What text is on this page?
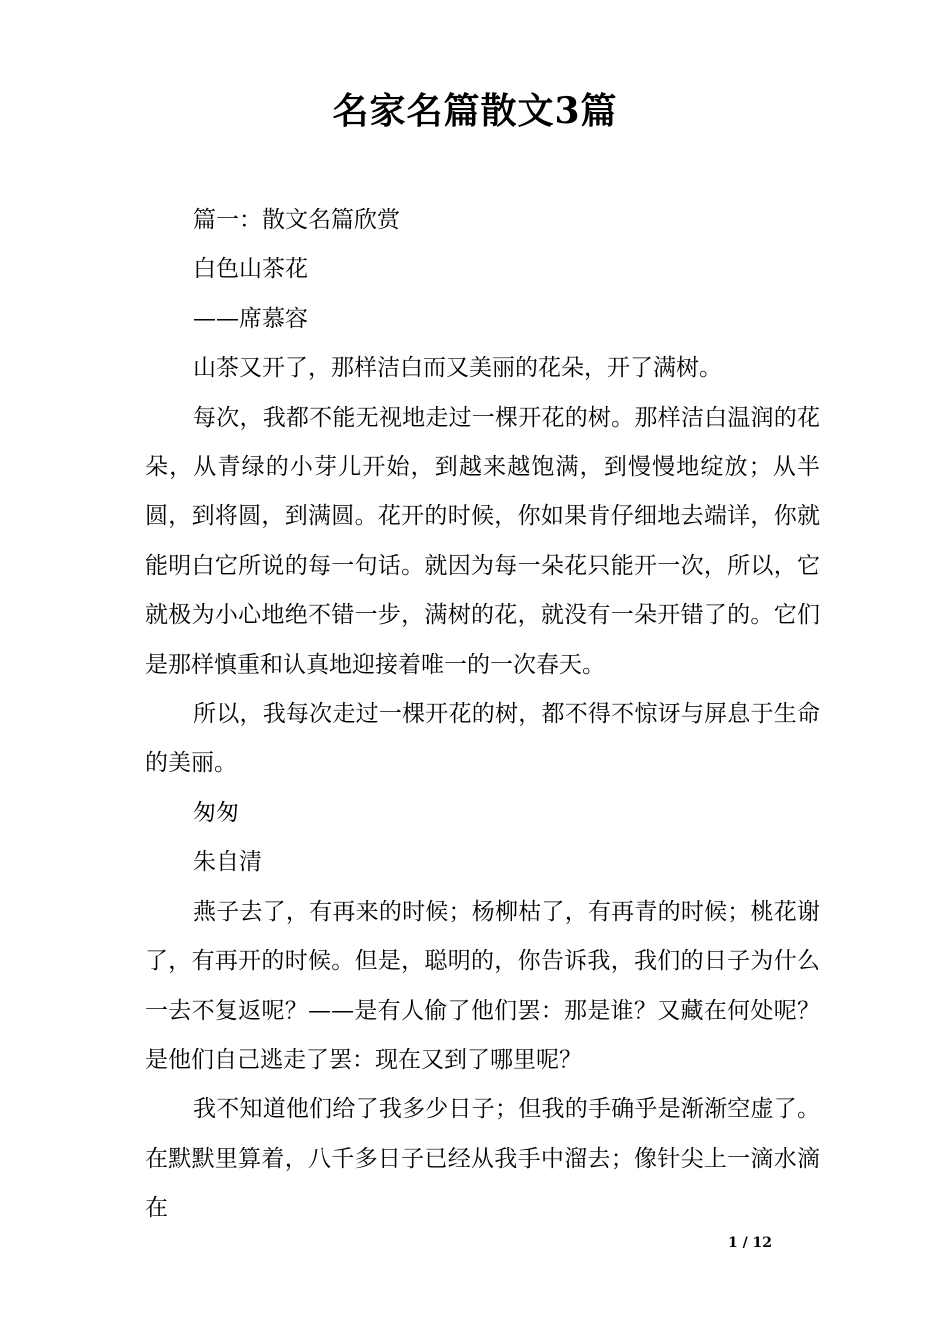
名家名篇散文3篇

篇一：散文名篇欣赏

白色山茶花

——席慕容

山茶又开了，那样洁白而又美丽的花朵，开了满树。

每次，我都不能无视地走过一棵开花的树。那样洁白温润的花朵，从青绿的小芽儿开始，到越来越饱满，到慢慢地绽放；从半圆，到将圆，到满圆。花开的时候，你如果肯仔细地去端详，你就能明白它所说的每一句话。就因为每一朵花只能开一次，所以，它就极为小心地绝不错一步，满树的花，就没有一朵开错了的。它们是那样慎重和认真地迎接着唯一的一次春天。

所以，我每次走过一棵开花的树，都不得不惊讶与屏息于生命的美丽。

匆匆

朱自清

燕子去了，有再来的时候；杨柳枯了，有再青的时候；桃花谢了，有再开的时候。但是，聪明的，你告诉我，我们的日子为什么一去不复返呢？——是有人偷了他们罢：那是谁？又藏在何处呢？是他们自己逃走了罢：现在又到了哪里呢？

我不知道他们给了我多少日子；但我的手确乎是渐渐空虚了。在默默里算着，八千多日子已经从我手中溜去；像针尖上一滴水滴在

1 / 12
